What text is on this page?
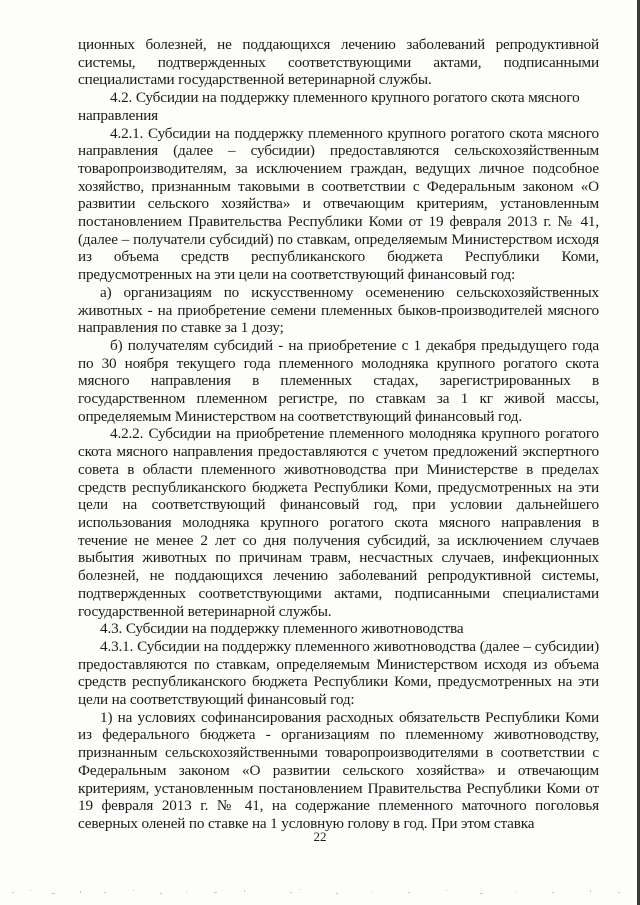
ционных болезней, не поддающихся лечению заболеваний репродуктивной системы, подтвержденных соответствующими актами, подписанными специалистами государственной ветеринарной службы.

4.2. Субсидии на поддержку племенного крупного рогатого скота мясного направления

4.2.1. Субсидии на поддержку племенного крупного рогатого скота мясного направления (далее – субсидии) предоставляются сельскохозяйственным товаропроизводителям, за исключением граждан, ведущих личное подсобное хозяйство, признанным таковыми в соответствии с Федеральным законом «О развитии сельского хозяйства» и отвечающим критериям, установленным постановлением Правительства Республики Коми от 19 февраля 2013 г. № 41, (далее – получатели субсидий) по ставкам, определяемым Министерством исходя из объема средств республиканского бюджета Республики Коми, предусмотренных на эти цели на соответствующий финансовый год:

а) организациям по искусственному осеменению сельскохозяйственных животных - на приобретение семени племенных быков-производителей мясного направления по ставке за 1 дозу;

б) получателям субсидий - на приобретение с 1 декабря предыдущего года по 30 ноября текущего года племенного молодняка крупного рогатого скота мясного направления в племенных стадах, зарегистрированных в государственном племенном регистре, по ставкам за 1 кг живой массы, определяемым Министерством на соответствующий финансовый год.

4.2.2. Субсидии на приобретение племенного молодняка крупного рогатого скота мясного направления предоставляются с учетом предложений экспертного совета в области племенного животноводства при Министерстве в пределах средств республиканского бюджета Республики Коми, предусмотренных на эти цели на соответствующий финансовый год, при условии дальнейшего использования молодняка крупного рогатого скота мясного направления в течение не менее 2 лет со дня получения субсидий, за исключением случаев выбытия животных по причинам травм, несчастных случаев, инфекционных болезней, не поддающихся лечению заболеваний репродуктивной системы, подтвержденных соответствующими актами, подписанными специалистами государственной ветеринарной службы.

4.3. Субсидии на поддержку племенного животноводства

4.3.1. Субсидии на поддержку племенного животноводства (далее – субсидии) предоставляются по ставкам, определяемым Министерством исходя из объема средств республиканского бюджета Республики Коми, предусмотренных на эти цели на соответствующий финансовый год:

1) на условиях софинансирования расходных обязательств Республики Коми из федерального бюджета - организациям по племенному животноводству, признанным сельскохозяйственными товаропроизводителями в соответствии с Федеральным законом «О развитии сельского хозяйства» и отвечающим критериям, установленным постановлением Правительства Республики Коми от 19 февраля 2013 г. № 41, на содержание племенного маточного поголовья северных оленей по ставке на 1 условную голову в год. При этом ставка

22
